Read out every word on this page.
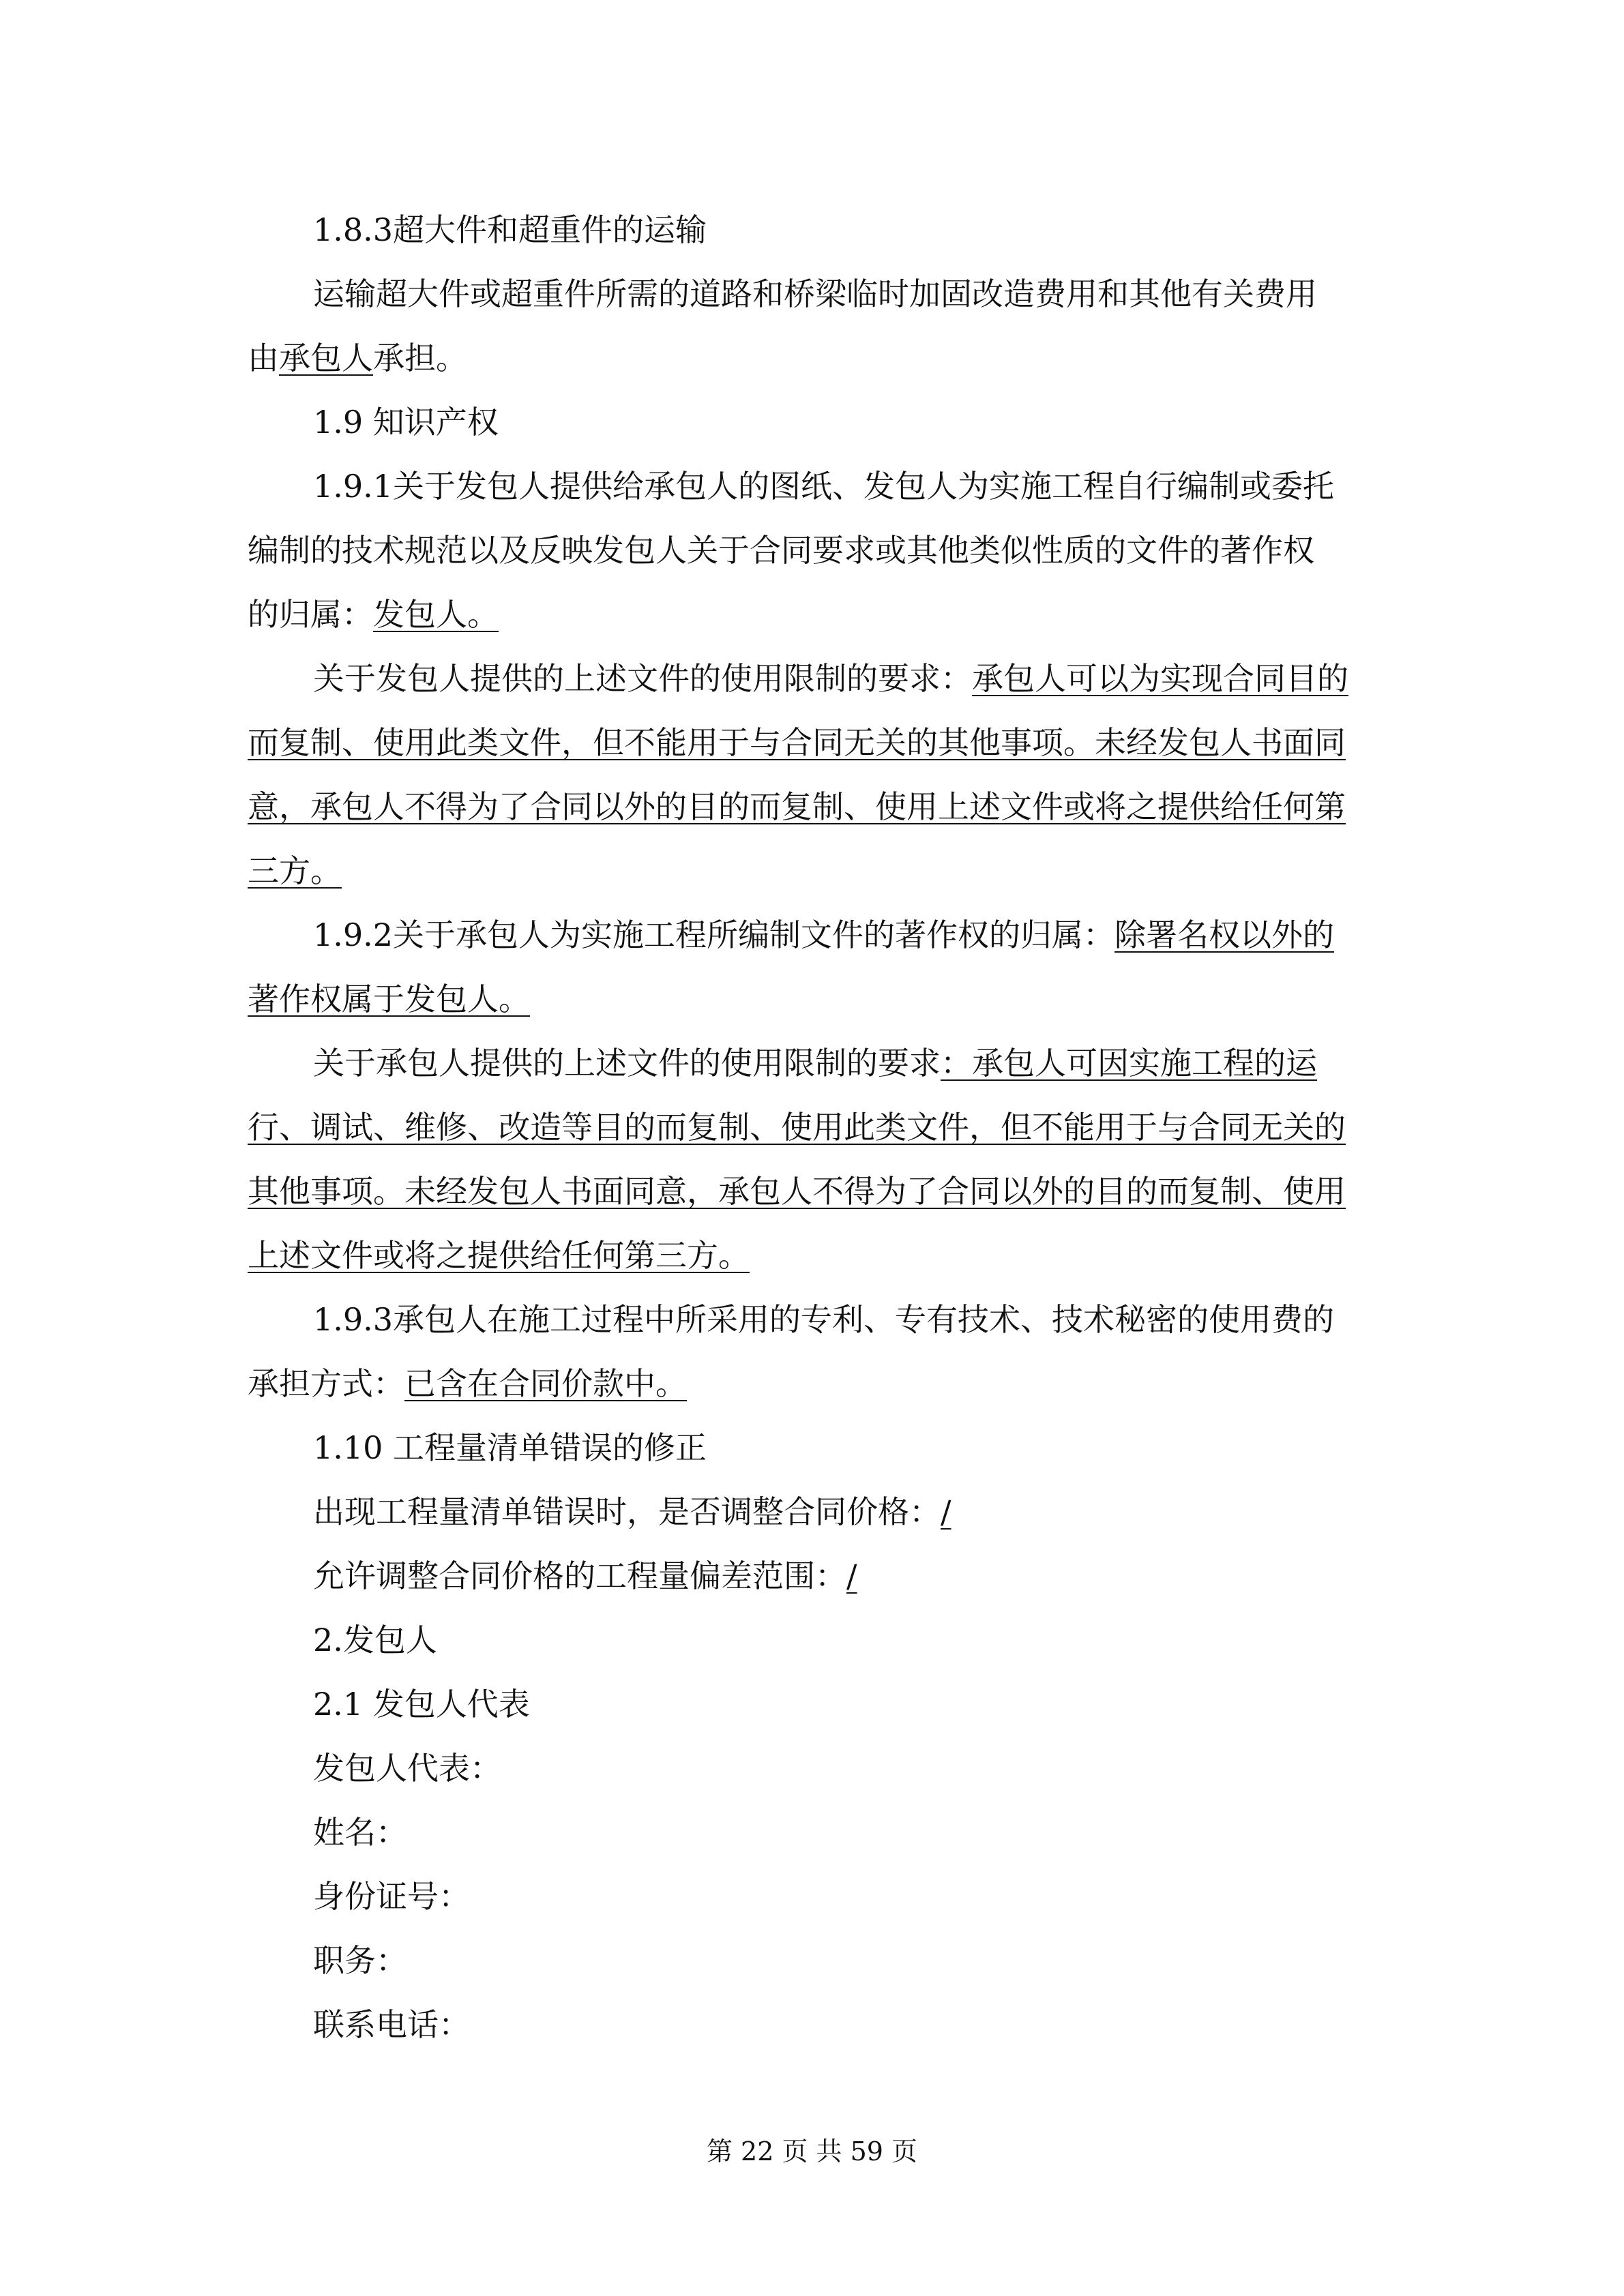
1.8.3超大件和超重件的运输

运输超大件或超重件所需的道路和桥梁临时加固改造费用和其他有关费用

由承包人承担。

1.9 知识产权

1.9.1关于发包人提供给承包人的图纸、发包人为实施工程自行编制或委托

编制的技术规范以及反映发包人关于合同要求或其他类似性质的文件的著作权

的归属：发包人。

关于发包人提供的上述文件的使用限制的要求：承包人可以为实现合同目的

而复制、使用此类文件，但不能用于与合同无关的其他事项。未经发包人书面同

意，承包人不得为了合同以外的目的而复制、使用上述文件或将之提供给任何第

三方。

1.9.2关于承包人为实施工程所编制文件的著作权的归属：除署名权以外的

著作权属于发包人。

关于承包人提供的上述文件的使用限制的要求：承包人可因实施工程的运

行、调试、维修、改造等目的而复制、使用此类文件，但不能用于与合同无关的

其他事项。未经发包人书面同意，承包人不得为了合同以外的目的而复制、使用

上述文件或将之提供给任何第三方。

1.9.3承包人在施工过程中所采用的专利、专有技术、技术秘密的使用费的

承担方式：已含在合同价款中。

1.10 工程量清单错误的修正

出现工程量清单错误时，是否调整合同价格：/

允许调整合同价格的工程量偏差范围：/

2.发包人

2.1 发包人代表

发包人代表：

姓名：

身份证号：

职务：

联系电话：

第 22 页 共 59 页
